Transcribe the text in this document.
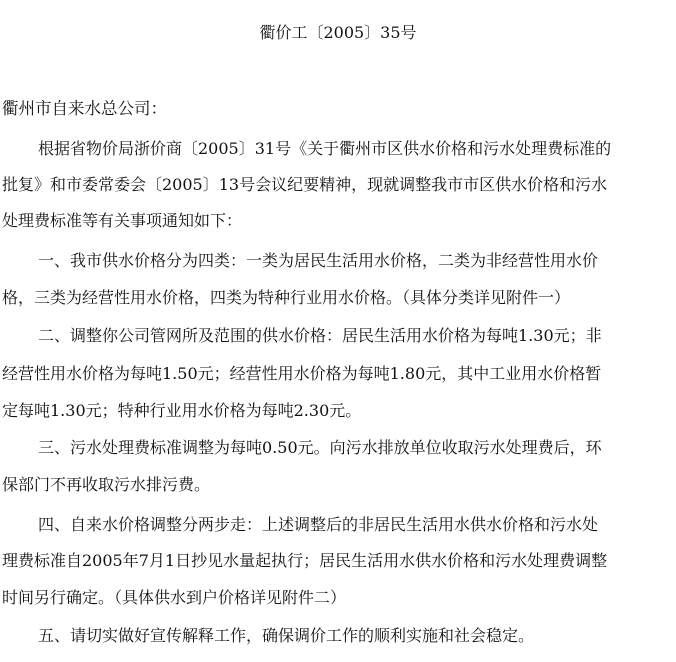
衢价工〔2005〕35号
衢州市自来水总公司：
根据省物价局浙价商〔2005〕31号《关于衢州市区供水价格和污水处理费标准的
批复》和市委常委会〔2005〕13号会议纪要精神，现就调整我市市区供水价格和污水
处理费标准等有关事项通知如下：
一、我市供水价格分为四类：一类为居民生活用水价格，二类为非经营性用水价
格，三类为经营性用水价格，四类为特种行业用水价格。（具体分类详见附件一）
二、调整你公司管网所及范围的供水价格：居民生活用水价格为每吨1.30元；非
经营性用水价格为每吨1.50元；经营性用水价格为每吨1.80元，其中工业用水价格暂
定每吨1.30元；特种行业用水价格为每吨2.30元。
三、污水处理费标准调整为每吨0.50元。向污水排放单位收取污水处理费后，环
保部门不再收取污水排污费。
四、自来水价格调整分两步走：上述调整后的非居民生活用水供水价格和污水处
理费标准自2005年7月1日抄见水量起执行；居民生活用水供水价格和污水处理费调整
时间另行确定。（具体供水到户价格详见附件二）
五、请切实做好宣传解释工作，确保调价工作的顺利实施和社会稳定。
